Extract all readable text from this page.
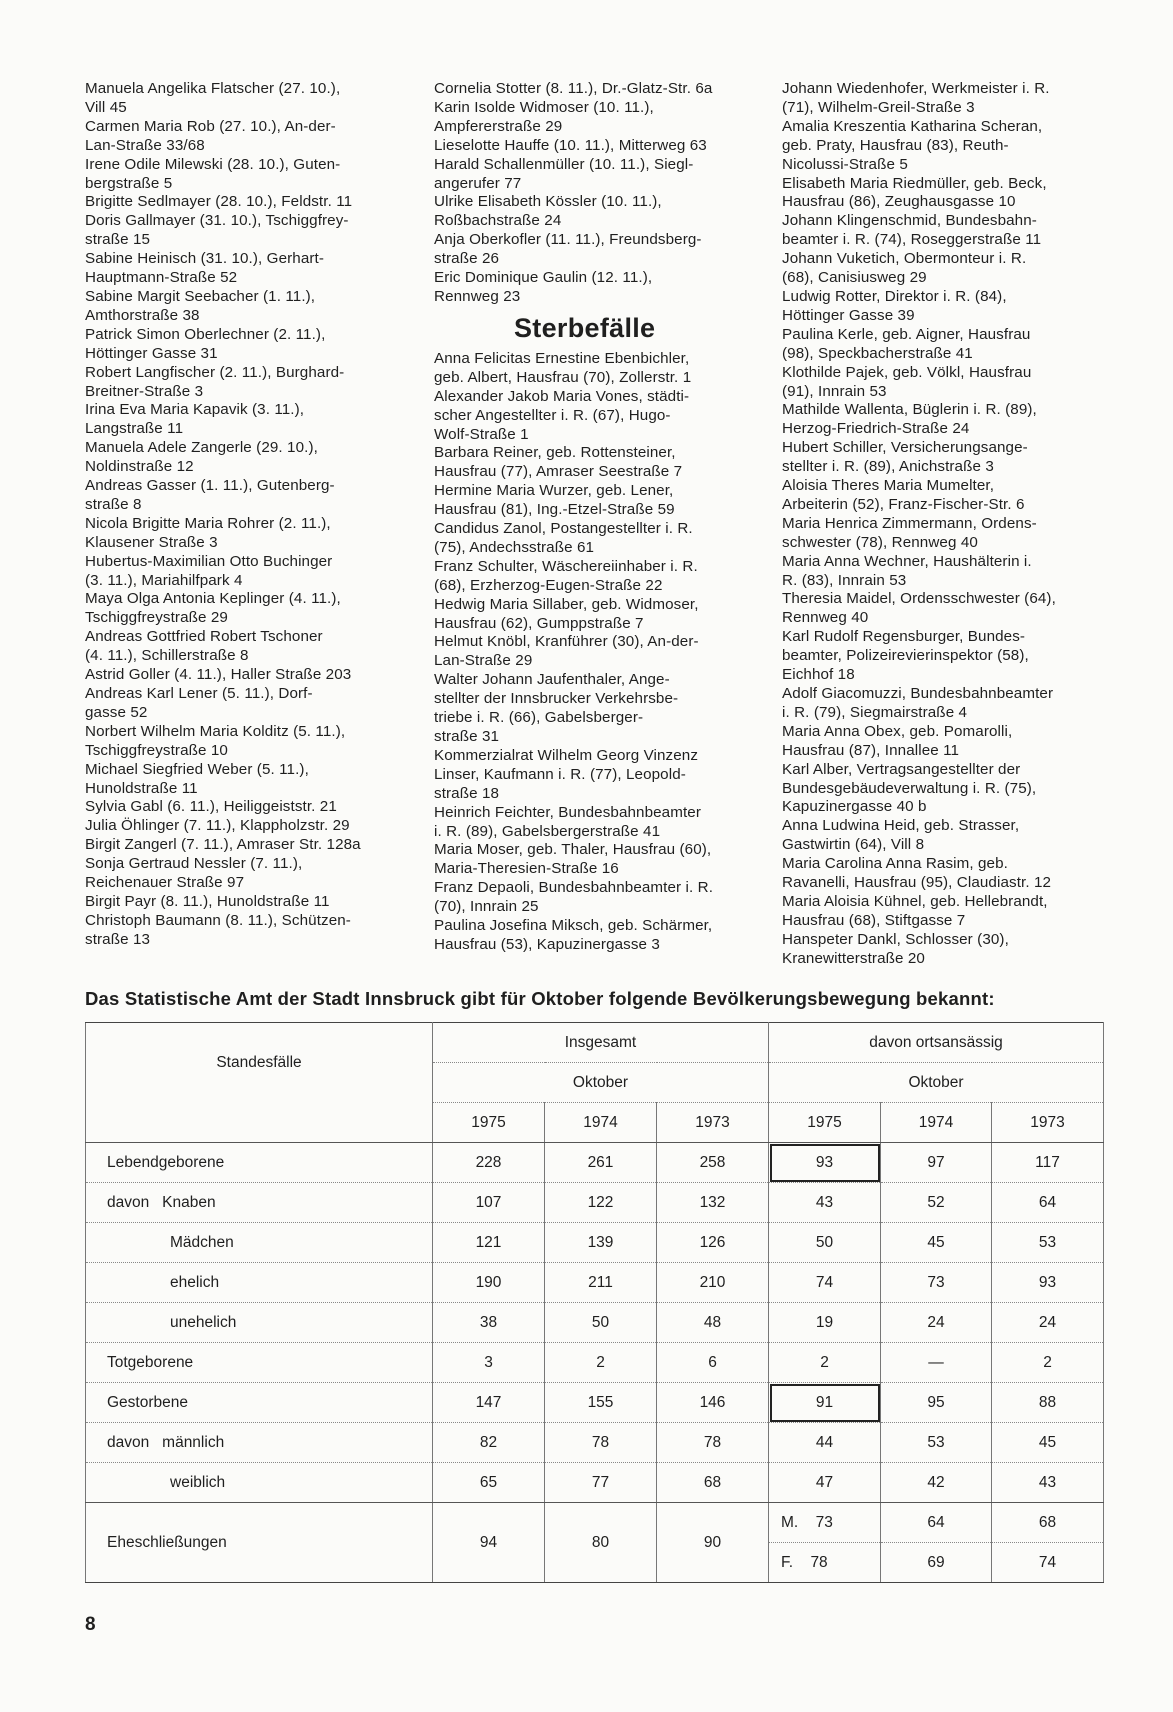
Manuela Angelika Flatscher (27. 10.),
Vill 45
Carmen Maria Rob (27. 10.), An-der-
Lan-Straße 33/68
Irene Odile Milewski (28. 10.), Guten-
bergstraße 5
Brigitte Sedlmayer (28. 10.), Feldstr. 11
Doris Gallmayer (31. 10.), Tschiggfrey-
straße 15
Sabine Heinisch (31. 10.), Gerhart-
Hauptmann-Straße 52
Sabine Margit Seebacher (1. 11.),
Amthorstraße 38
Patrick Simon Oberlechner (2. 11.),
Höttinger Gasse 31
Robert Langfischer (2. 11.), Burghard-
Breitner-Straße 3
Irina Eva Maria Kapavik (3. 11.),
Langstraße 11
Manuela Adele Zangerle (29. 10.),
Noldinstraße 12
Andreas Gasser (1. 11.), Gutenberg-
straße 8
Nicola Brigitte Maria Rohrer (2. 11.),
Klausener Straße 3
Hubertus-Maximilian Otto Buchinger
(3. 11.), Mariahilfpark 4
Maya Olga Antonia Keplinger (4. 11.),
Tschiggfreystraße 29
Andreas Gottfried Robert Tschoner
(4. 11.), Schillerstraße 8
Astrid Goller (4. 11.), Haller Straße 203
Andreas Karl Lener (5. 11.), Dorf-
gasse 52
Norbert Wilhelm Maria Kolditz (5. 11.),
Tschiggfreystraße 10
Michael Siegfried Weber (5. 11.),
Hunoldstraße 11
Sylvia Gabl (6. 11.), Heiliggeiststr. 21
Julia Öhlinger (7. 11.), Klappholzstr. 29
Birgit Zangerl (7. 11.), Amraser Str. 128a
Sonja Gertraud Nessler (7. 11.),
Reichenauer Straße 97
Birgit Payr (8. 11.), Hunoldstraße 11
Christoph Baumann (8. 11.), Schützen-
straße 13
Cornelia Stotter (8. 11.), Dr.-Glatz-Str. 6a
Karin Isolde Widmoser (10. 11.),
Ampfererstraße 29
Lieselotte Hauffe (10. 11.), Mitterweg 63
Harald Schallenmüller (10. 11.), Siegl-
angerufer 77
Ulrike Elisabeth Kössler (10. 11.),
Roßbachstraße 24
Anja Oberkofler (11. 11.), Freundsberg-
straße 26
Eric Dominique Gaulin (12. 11.),
Rennweg 23
Sterbefälle
Anna Felicitas Ernestine Ebenbichler,
geb. Albert, Hausfrau (70), Zollerstr. 1
Alexander Jakob Maria Vones, städti-
scher Angestellter i. R. (67), Hugo-
Wolf-Straße 1
Barbara Reiner, geb. Rottensteiner,
Hausfrau (77), Amraser Seestraße 7
Hermine Maria Wurzer, geb. Lener,
Hausfrau (81), Ing.-Etzel-Straße 59
Candidus Zanol, Postangestellter i. R.
(75), Andechsstraße 61
Franz Schulter, Wäschereiinhaber i. R.
(68), Erzherzog-Eugen-Straße 22
Hedwig Maria Sillaber, geb. Widmoser,
Hausfrau (62), Gumppstraße 7
Helmut Knöbl, Kranführer (30), An-der-
Lan-Straße 29
Walter Johann Jaufenthaler, Ange-
stellter der Innsbrucker Verkehrsbe-
triebe i. R. (66), Gabelsberger-
straße 31
Kommerzialrat Wilhelm Georg Vinzenz
Linser, Kaufmann i. R. (77), Leopold-
straße 18
Heinrich Feichter, Bundesbahnbeamter
i. R. (89), Gabelsbergerstraße 41
Maria Moser, geb. Thaler, Hausfrau (60),
Maria-Theresien-Straße 16
Franz Depaoli, Bundesbahnbeamter i. R.
(70), Innrain 25
Paulina Josefina Miksch, geb. Schärmer,
Hausfrau (53), Kapuzinergasse 3
Johann Wiedenhofer, Werkmeister i. R.
(71), Wilhelm-Greil-Straße 3
Amalia Kreszentia Katharina Scheran,
geb. Praty, Hausfrau (83), Reuth-
Nicolussi-Straße 5
Elisabeth Maria Riedmüller, geb. Beck,
Hausfrau (86), Zeughausgasse 10
Johann Klingenschmid, Bundesbahn-
beamter i. R. (74), Roseggerstraße 11
Johann Vuketich, Obermonteur i. R.
(68), Canisiusweg 29
Ludwig Rotter, Direktor i. R. (84),
Höttinger Gasse 39
Paulina Kerle, geb. Aigner, Hausfrau
(98), Speckbacherstraße 41
Klothilde Pajek, geb. Völkl, Hausfrau
(91), Innrain 53
Mathilde Wallenta, Büglerin i. R. (89),
Herzog-Friedrich-Straße 24
Hubert Schiller, Versicherungsange-
stellter i. R. (89), Anichstraße 3
Aloisia Theres Maria Mumelter,
Arbeiterin (52), Franz-Fischer-Str. 6
Maria Henrica Zimmermann, Ordens-
schwester (78), Rennweg 40
Maria Anna Wechner, Haushälterin i.
R. (83), Innrain 53
Theresia Maidel, Ordensschwester (64),
Rennweg 40
Karl Rudolf Regensburger, Bundes-
beamter, Polizeirevierinspektor (58),
Eichhof 18
Adolf Giacomuzzi, Bundesbahnbeamter
i. R. (79), Siegmairstraße 4
Maria Anna Obex, geb. Pomarolli,
Hausfrau (87), Innallee 11
Karl Alber, Vertragsangestellter der
Bundesgebäudeverwaltung i. R. (75),
Kapuzinergasse 40 b
Anna Ludwina Heid, geb. Strasser,
Gastwirtin (64), Vill 8
Maria Carolina Anna Rasim, geb.
Ravanelli, Hausfrau (95), Claudiastr. 12
Maria Aloisia Kühnel, geb. Hellebrandt,
Hausfrau (68), Stiftgasse 7
Hanspeter Dankl, Schlosser (30),
Kranewitterstraße 20
Das Statistische Amt der Stadt Innsbruck gibt für Oktober folgende Bevölkerungsbewegung bekannt:
Standesfälle	Insgesamt			davon ortsansässig		
	Oktober			Oktober		
	1975	1974	1973	1975	1974	1973
Lebendgeborene	228	261	258	93	97	117
davon Knaben	107	122	132	43	52	64
Mädchen	121	139	126	50	45	53
ehelich	190	211	210	74	73	93
unehelich	38	50	48	19	24	24
Totgeborene	3	2	6	2	—	2
Gestorbene	147	155	146	91	95	88
davon männlich	82	78	78	44	53	45
weiblich	65	77	68	47	42	43
Eheschließungen	94	80	90	M. 73	64	68
				F. 78	69	74
8
